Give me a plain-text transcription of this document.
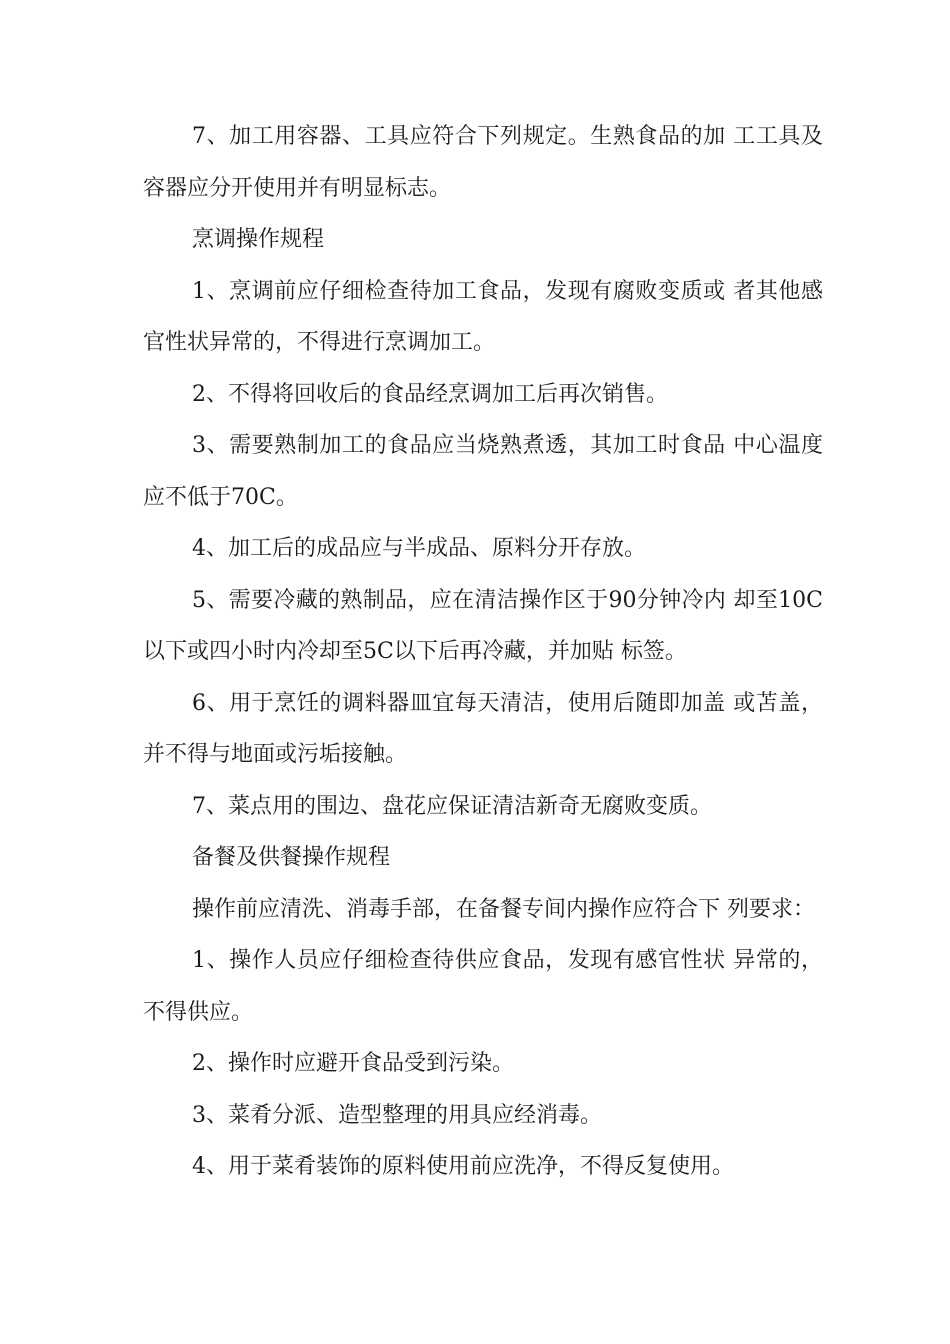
7、加工用容器、工具应符合下列规定。生熟食品的加 工工具及容器应分开使用并有明显标志。

烹调操作规程

1、烹调前应仔细检查待加工食品，发现有腐败变质或 者其他感官性状异常的，不得进行烹调加工。

2、不得将回收后的食品经烹调加工后再次销售。

3、需要熟制加工的食品应当烧熟煮透，其加工时食品 中心温度应不低于70C。

4、加工后的成品应与半成品、原料分开存放。

5、需要冷藏的熟制品，应在清洁操作区于90分钟冷内 却至10C以下或四小时内冷却至5C以下后再冷藏，并加贴 标签。

6、用于烹饪的调料器皿宜每天清洁，使用后随即加盖 或苫盖，并不得与地面或污垢接触。

7、菜点用的围边、盘花应保证清洁新奇无腐败变质。

备餐及供餐操作规程

操作前应清洗、消毒手部，在备餐专间内操作应符合下 列要求：

1、操作人员应仔细检查待供应食品，发现有感官性状 异常的，不得供应。

2、操作时应避开食品受到污染。

3、菜肴分派、造型整理的用具应经消毒。

4、用于菜肴装饰的原料使用前应洗净，不得反复使用。
